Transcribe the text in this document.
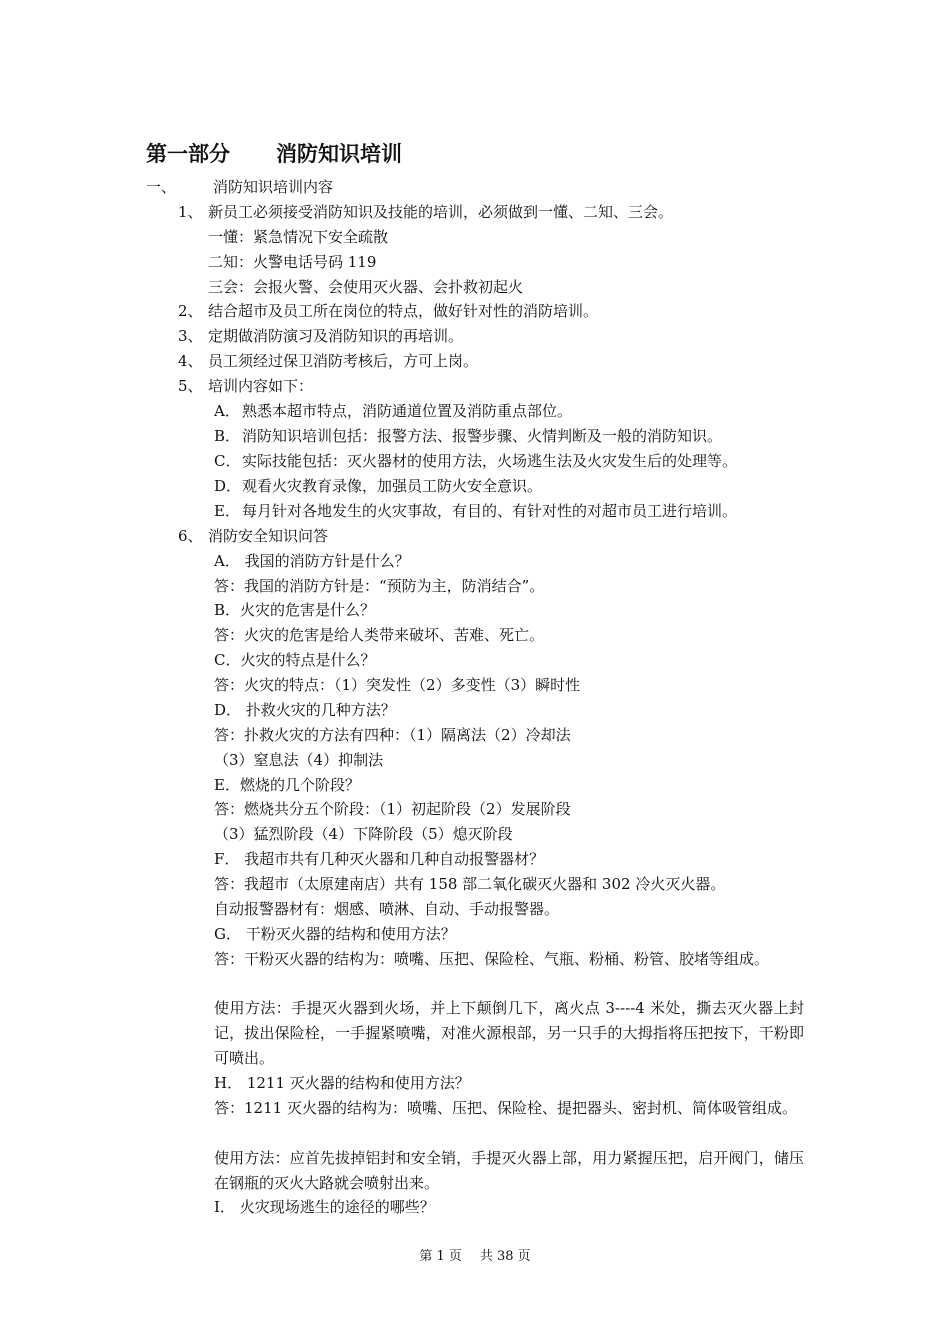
第一部分 消防知识培训
一、 消防知识培训内容
1、 新员工必须接受消防知识及技能的培训，必须做到一懂、二知、三会。
一懂：紧急情况下安全疏散
二知：火警电话号码 119
三会：会报火警、会使用灭火器、会扑救初起火
2、 结合超市及员工所在岗位的特点，做好针对性的消防培训。
3、 定期做消防演习及消防知识的再培训。
4、 员工须经过保卫消防考核后，方可上岗。
5、 培训内容如下：
A． 熟悉本超市特点，消防通道位置及消防重点部位。
B． 消防知识培训包括：报警方法、报警步骤、火情判断及一般的消防知识。
C． 实际技能包括：灭火器材的使用方法，火场逃生法及火灾发生后的处理等。
D．观看火灾教育录像，加强员工防火安全意识。
E． 每月针对各地发生的火灾事故，有目的、有针对性的对超市员工进行培训。
6、 消防安全知识问答
A． 我国的消防方针是什么？
答：我国的消防方针是：“预防为主，防消结合”。
B．火灾的危害是什么？
答：火灾的危害是给人类带来破坏、苦难、死亡。
C．火灾的特点是什么？
答：火灾的特点：（1）突发性（2）多变性（3）瞬时性
D． 扑救火灾的几种方法？
答：扑救火灾的方法有四种：（1）隔离法（2）冷却法
（3）窒息法（4）抑制法
E．燃烧的几个阶段？
答：燃烧共分五个阶段：（1）初起阶段（2）发展阶段
（3）猛烈阶段（4）下降阶段（5）熄灭阶段
F． 我超市共有几种灭火器和几种自动报警器材？
答：我超市（太原建南店）共有 158 部二氧化碳灭火器和 302 冷火灭火器。
自动报警器材有：烟感、喷淋、自动、手动报警器。
G． 干粉灭火器的结构和使用方法？
答：干粉灭火器的结构为：喷嘴、压把、保险栓、气瓶、粉桶、粉管、胶堵等组成。
使用方法：手提灭火器到火场，并上下颠倒几下，离火点 3----4 米处，撕去灭火器上封记，拔出保险栓，一手握紧喷嘴，对准火源根部，另一只手的大拇指将压把按下，干粉即可喷出。
H． 1211 灭火器的结构和使用方法？
答：1211 灭火器的结构为：喷嘴、压把、保险栓、提把器头、密封机、简体吸管组成。
使用方法：应首先拔掉铝封和安全销，手提灭火器上部，用力紧握压把，启开阀门，储压在钢瓶的灭火大路就会喷射出来。
I． 火灾现场逃生的途径的哪些？
第 1 页 共 38 页
